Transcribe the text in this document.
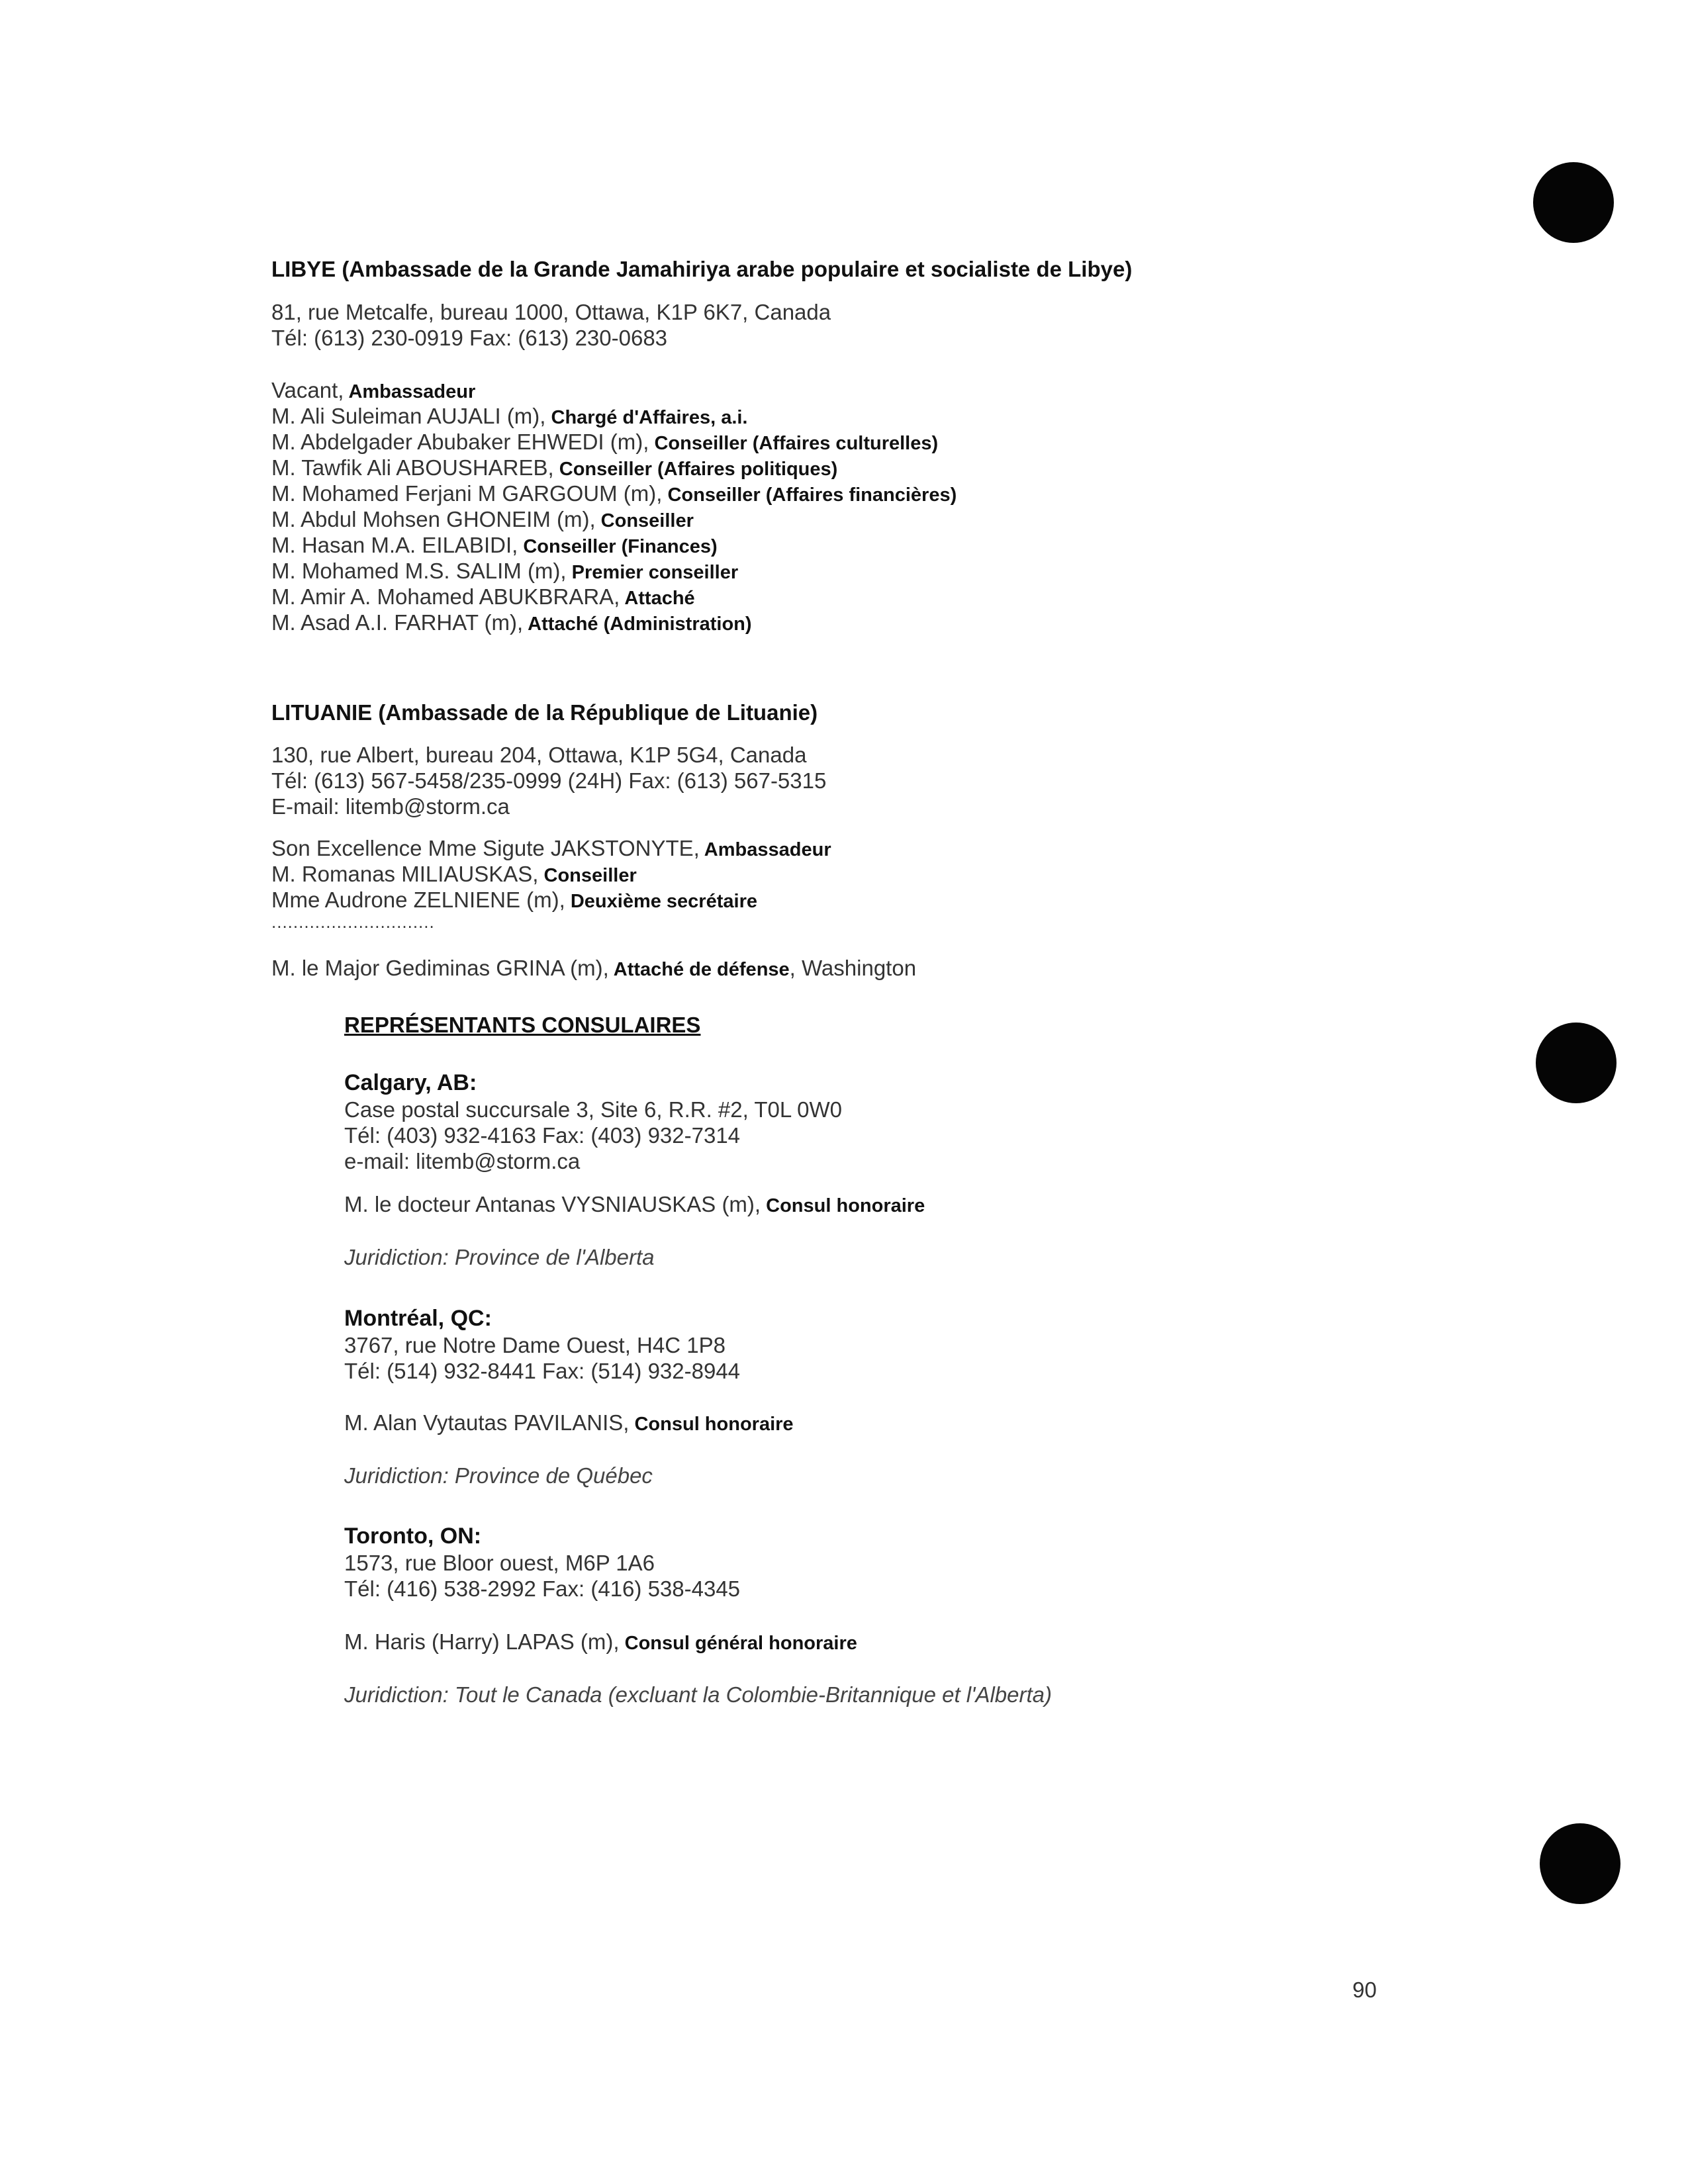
LIBYE (Ambassade de la Grande Jamahiriya arabe populaire et socialiste de Libye)
81, rue Metcalfe, bureau 1000, Ottawa, K1P 6K7, Canada
Tél: (613) 230-0919 Fax: (613) 230-0683
Vacant, Ambassadeur
M. Ali Suleiman AUJALI (m), Chargé d'Affaires, a.i.
M. Abdelgader Abubaker EHWEDI (m), Conseiller (Affaires culturelles)
M. Tawfik Ali ABOUSHAREB, Conseiller (Affaires politiques)
M. Mohamed Ferjani M GARGOUM (m), Conseiller (Affaires financières)
M. Abdul Mohsen GHONEIM (m), Conseiller
M. Hasan M.A. EILABIDI, Conseiller (Finances)
M. Mohamed M.S. SALIM (m), Premier conseiller
M. Amir A. Mohamed ABUKBRARA, Attaché
M. Asad A.I. FARHAT (m), Attaché (Administration)
LITUANIE (Ambassade de la République de Lituanie)
130, rue Albert, bureau 204, Ottawa, K1P 5G4, Canada
Tél: (613) 567-5458/235-0999 (24H) Fax: (613) 567-5315
E-mail: litemb@storm.ca
Son Excellence Mme Sigute JAKSTONYTE, Ambassadeur
M. Romanas MILIAUSKAS, Conseiller
Mme Audrone ZELNIENE (m), Deuxième secrétaire
..............................
M. le Major Gediminas GRINA (m), Attaché de défense, Washington
REPRÉSENTANTS CONSULAIRES
Calgary, AB:
Case postal succursale 3, Site 6, R.R. #2, T0L 0W0
Tél: (403) 932-4163 Fax: (403) 932-7314
e-mail: litemb@storm.ca
M. le docteur Antanas VYSNIAUSKAS (m), Consul honoraire
Juridiction: Province de l'Alberta
Montréal, QC:
3767, rue Notre Dame Ouest, H4C 1P8
Tél: (514) 932-8441 Fax: (514) 932-8944
M. Alan Vytautas PAVILANIS, Consul honoraire
Juridiction: Province de Québec
Toronto, ON:
1573, rue Bloor ouest, M6P 1A6
Tél: (416) 538-2992 Fax: (416) 538-4345
M. Haris (Harry) LAPAS (m), Consul général honoraire
Juridiction: Tout le Canada (excluant la Colombie-Britannique et l'Alberta)
90
